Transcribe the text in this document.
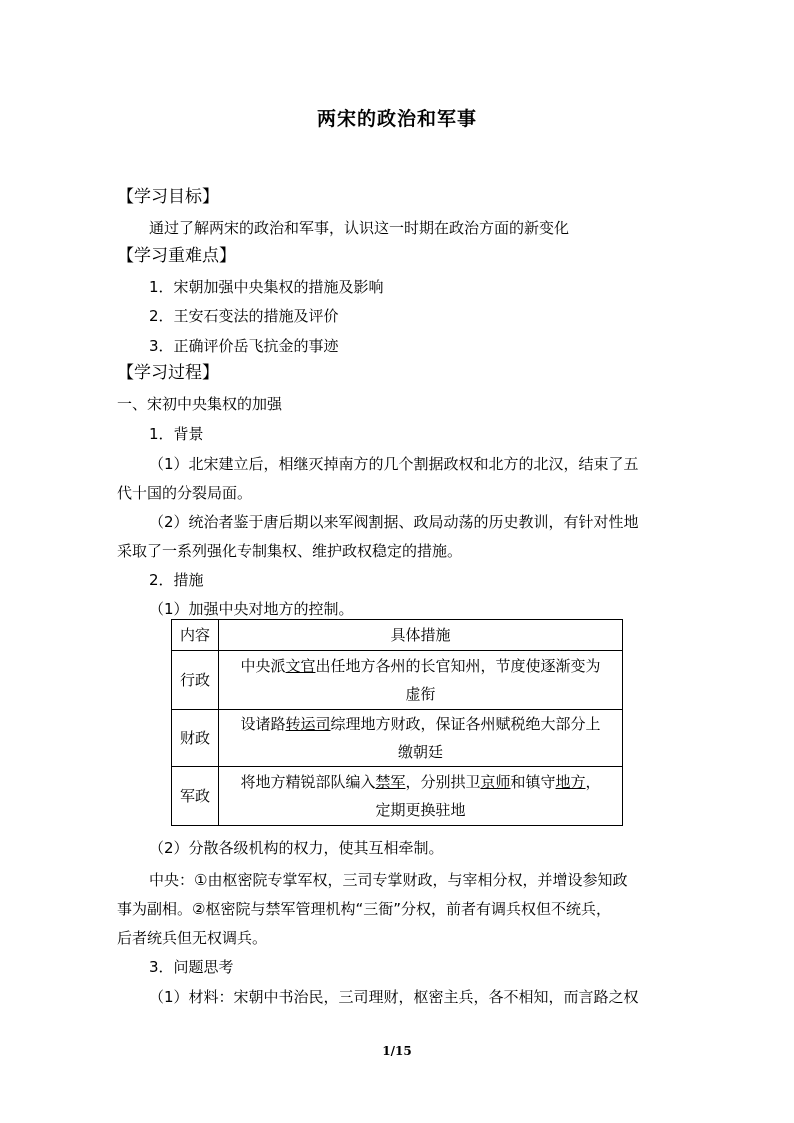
两宋的政治和军事
【学习目标】
通过了解两宋的政治和军事，认识这一时期在政治方面的新变化
【学习重难点】
1．宋朝加强中央集权的措施及影响
2．王安石变法的措施及评价
3．正确评价岳飞抗金的事迹
【学习过程】
一、宋初中央集权的加强
1．背景
（1）北宋建立后，相继灭掉南方的几个割据政权和北方的北汉，结束了五
代十国的分裂局面。
（2）统治者鉴于唐后期以来军阀割据、政局动荡的历史教训，有针对性地
采取了一系列强化专制集权、维护政权稳定的措施。
2．措施
（1）加强中央对地方的控制。
内容	具体措施
行政	中央派文官出任地方各州的长官知州，节度使逐渐变为
虚衔

财政	设诸路转运司综理地方财政，保证各州赋税绝大部分上
缴朝廷

军政	将地方精锐部队编入禁军，分别拱卫京师和镇守地方，
定期更换驻地
（2）分散各级机构的权力，使其互相牵制。
中央：①由枢密院专掌军权，三司专掌财政，与宰相分权，并增设参知政
事为副相。②枢密院与禁军管理机构“三衙”分权，前者有调兵权但不统兵，
后者统兵但无权调兵。
3．问题思考
（1）材料：宋朝中书治民，三司理财，枢密主兵，各不相知，而言路之权
1/15
